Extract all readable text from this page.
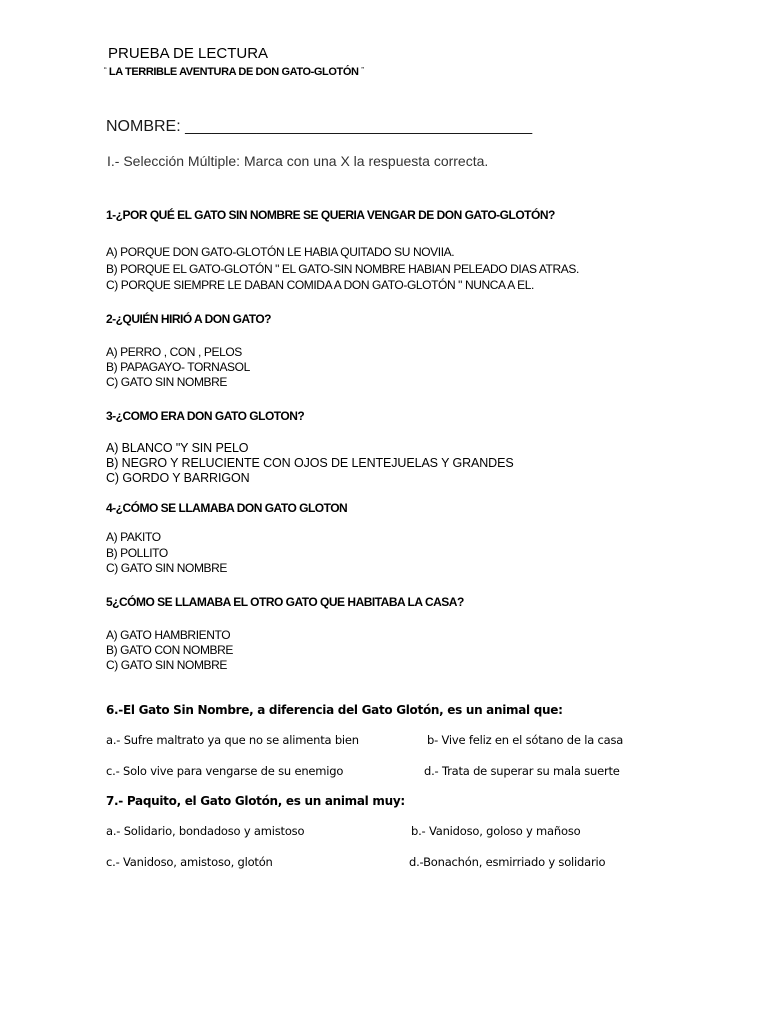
PRUEBA DE LECTURA
“ LA TERRIBLE AVENTURA DE DON GATO-GLOTÓN ”
NOMBRE: _______________________________________
I.- Selección Múltiple: Marca con una X la respuesta correcta.
1-¿POR QUÉ EL GATO SIN NOMBRE SE QUERIA VENGAR DE DON GATO-GLOTÓN?
A) PORQUE DON GATO-GLOTÓN LE HABIA QUITADO SU NOVIIA.
B) PORQUE EL GATO-GLOTÓN " EL GATO-SIN NOMBRE HABIAN PELEADO DIAS ATRAS.
C) PORQUE SIEMPRE LE DABAN COMIDA A DON GATO-GLOTÓN " NUNCA A EL.
2-¿QUIÉN HIRIÓ A DON GATO?
A) PERRO , CON , PELOS
B) PAPAGAYO- TORNASOL
C) GATO SIN NOMBRE
3-¿COMO ERA DON GATO GLOTON?
A) BLANCO "Y SIN PELO
B) NEGRO Y RELUCIENTE CON OJOS DE LENTEJUELAS Y GRANDES
C) GORDO Y BARRIGON
4-¿CÓMO SE LLAMABA DON GATO GLOTON
A) PAKITO
B) POLLITO
C) GATO SIN NOMBRE
5¿CÓMO SE LLAMABA EL OTRO GATO QUE HABITABA LA CASA?
A) GATO HAMBRIENTO
B) GATO CON NOMBRE
C) GATO SIN NOMBRE
6.-El Gato Sin Nombre, a diferencia del Gato Glotón, es un animal que:
a.- Sufre maltrato ya que no se alimenta bien	b- Vive feliz en el sótano de la casa
c.- Solo vive para vengarse de su enemigo	d.- Trata de superar su mala suerte
7.- Paquito, el Gato Glotón, es un animal muy:
a.- Solidario, bondadoso y amistoso	b.- Vanidoso, goloso y mañoso
c.- Vanidoso, amistoso, glotón	d.-Bonachón, esmirriado y solidario
